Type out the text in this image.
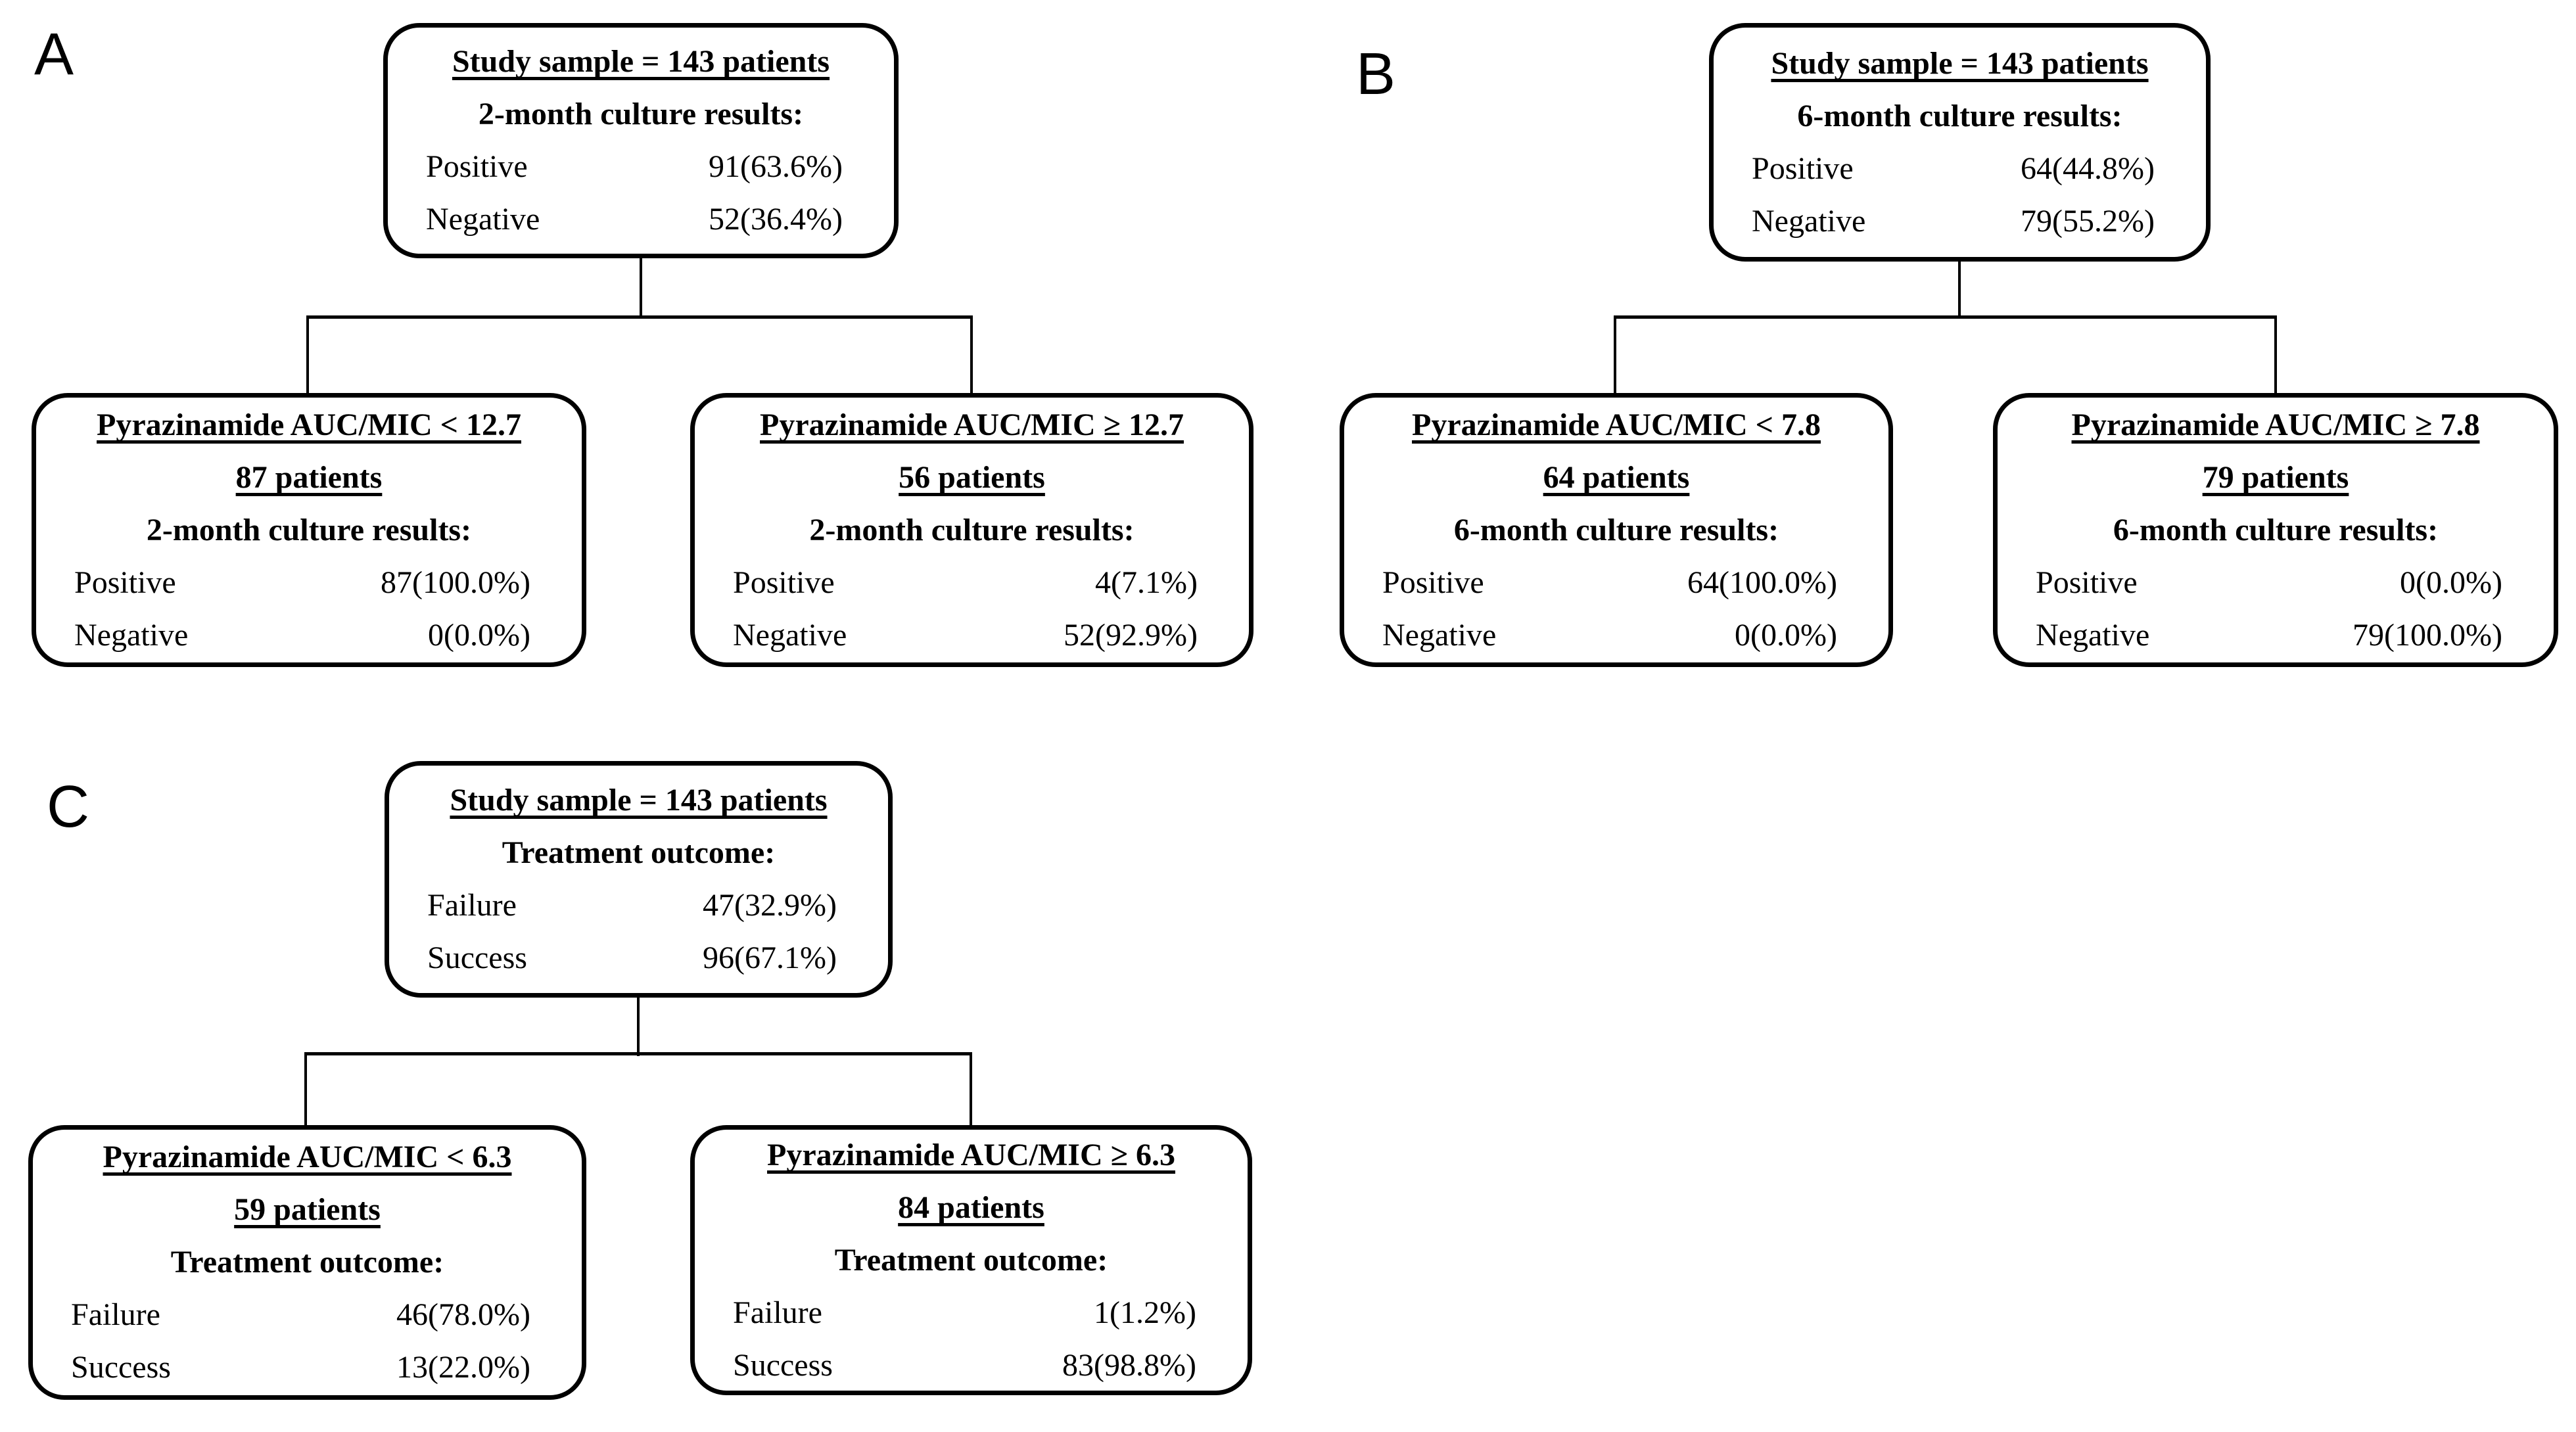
A	Study sample = 143 patients
2-month culture results:
Positive	91(63.6%)
Negative	52(36.4%)
Pyrazinamide AUC/MIC < 12.7
87 patients
2-month culture results:
Positive	87(100.0%)
Negative	0(0.0%)
Pyrazinamide AUC/MIC ≥ 12.7
56 patients
2-month culture results:
Positive	4(7.1%)
Negative	52(92.9%)
B	Study sample = 143 patients
6-month culture results:
Positive	64(44.8%)
Negative	79(55.2%)
Pyrazinamide AUC/MIC < 7.8
64 patients
6-month culture results:
Positive	64(100.0%)
Negative	0(0.0%)
Pyrazinamide AUC/MIC ≥ 7.8
79 patients
6-month culture results:
Positive	0(0.0%)
Negative	79(100.0%)
C	Study sample = 143 patients
Treatment outcome:
Failure	47(32.9%)
Success	96(67.1%)
Pyrazinamide AUC/MIC < 6.3
59 patients
Treatment outcome:
Failure	46(78.0%)
Success	13(22.0%)
Pyrazinamide AUC/MIC ≥ 6.3
84 patients
Treatment outcome:
Failure	1(1.2%)
Success	83(98.8%)
